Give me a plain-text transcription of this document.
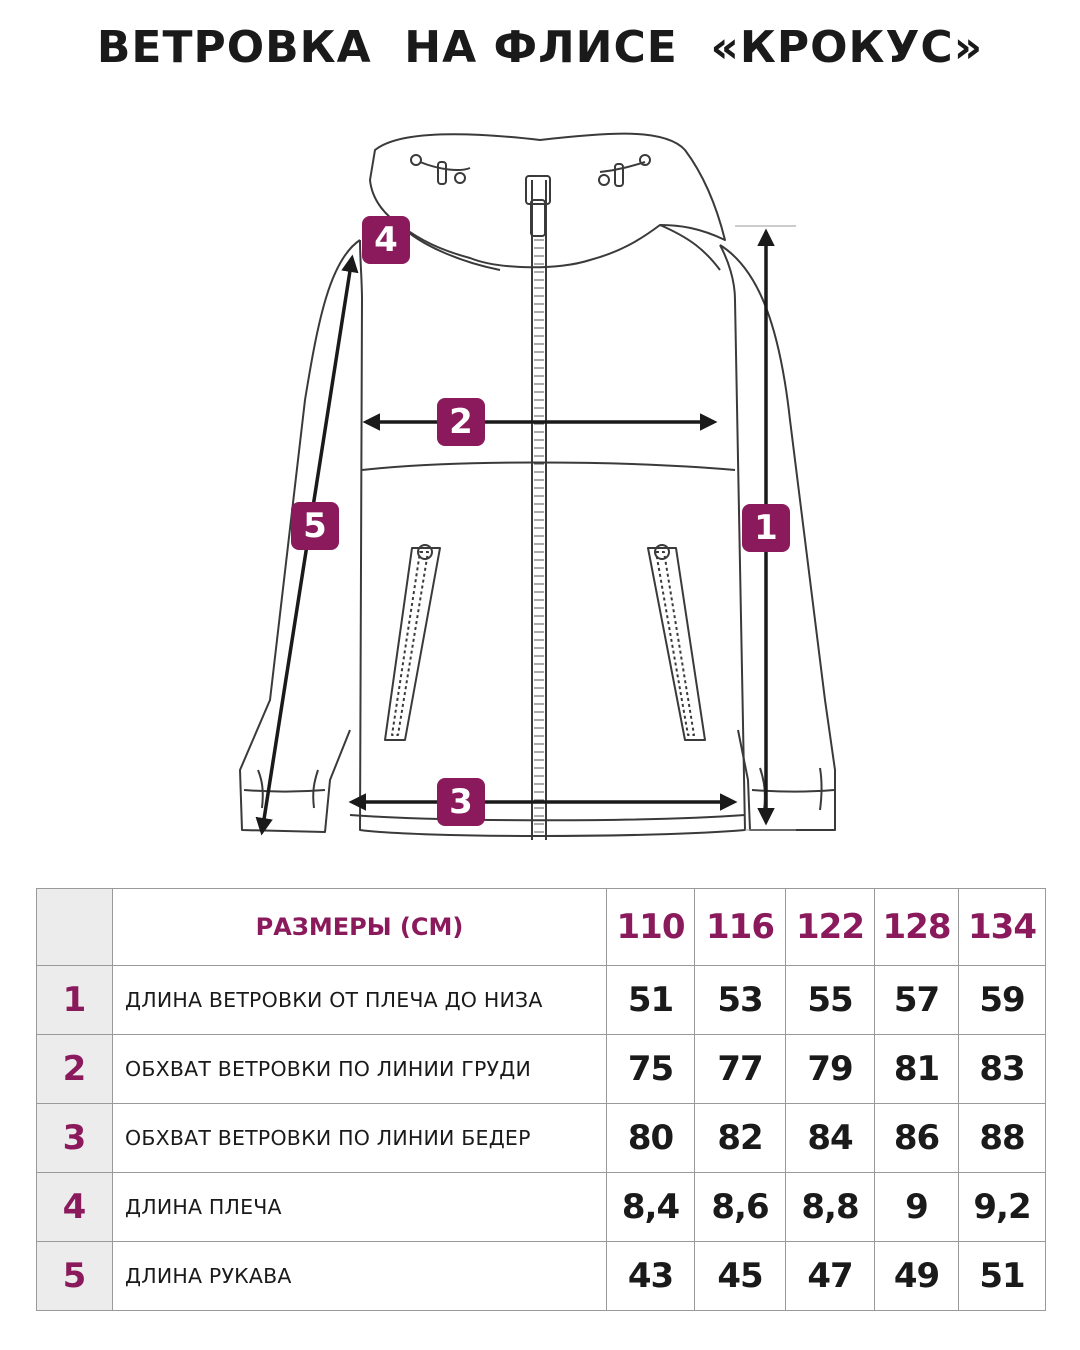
ВЕТРОВКА  НА ФЛИСЕ  «КРОКУС»
1
2
3
4
5
	РАЗМЕРЫ (СМ)	110	116	122	128	134
1	ДЛИНА ВЕТРОВКИ ОТ ПЛЕЧА ДО НИЗА	51	53	55	57	59
2	ОБХВАТ ВЕТРОВКИ ПО ЛИНИИ ГРУДИ	75	77	79	81	83
3	ОБХВАТ ВЕТРОВКИ ПО ЛИНИИ БЕДЕР	80	82	84	86	88
4	ДЛИНА ПЛЕЧА	8,4	8,6	8,8	9	9,2
5	ДЛИНА РУКАВА	43	45	47	49	51
